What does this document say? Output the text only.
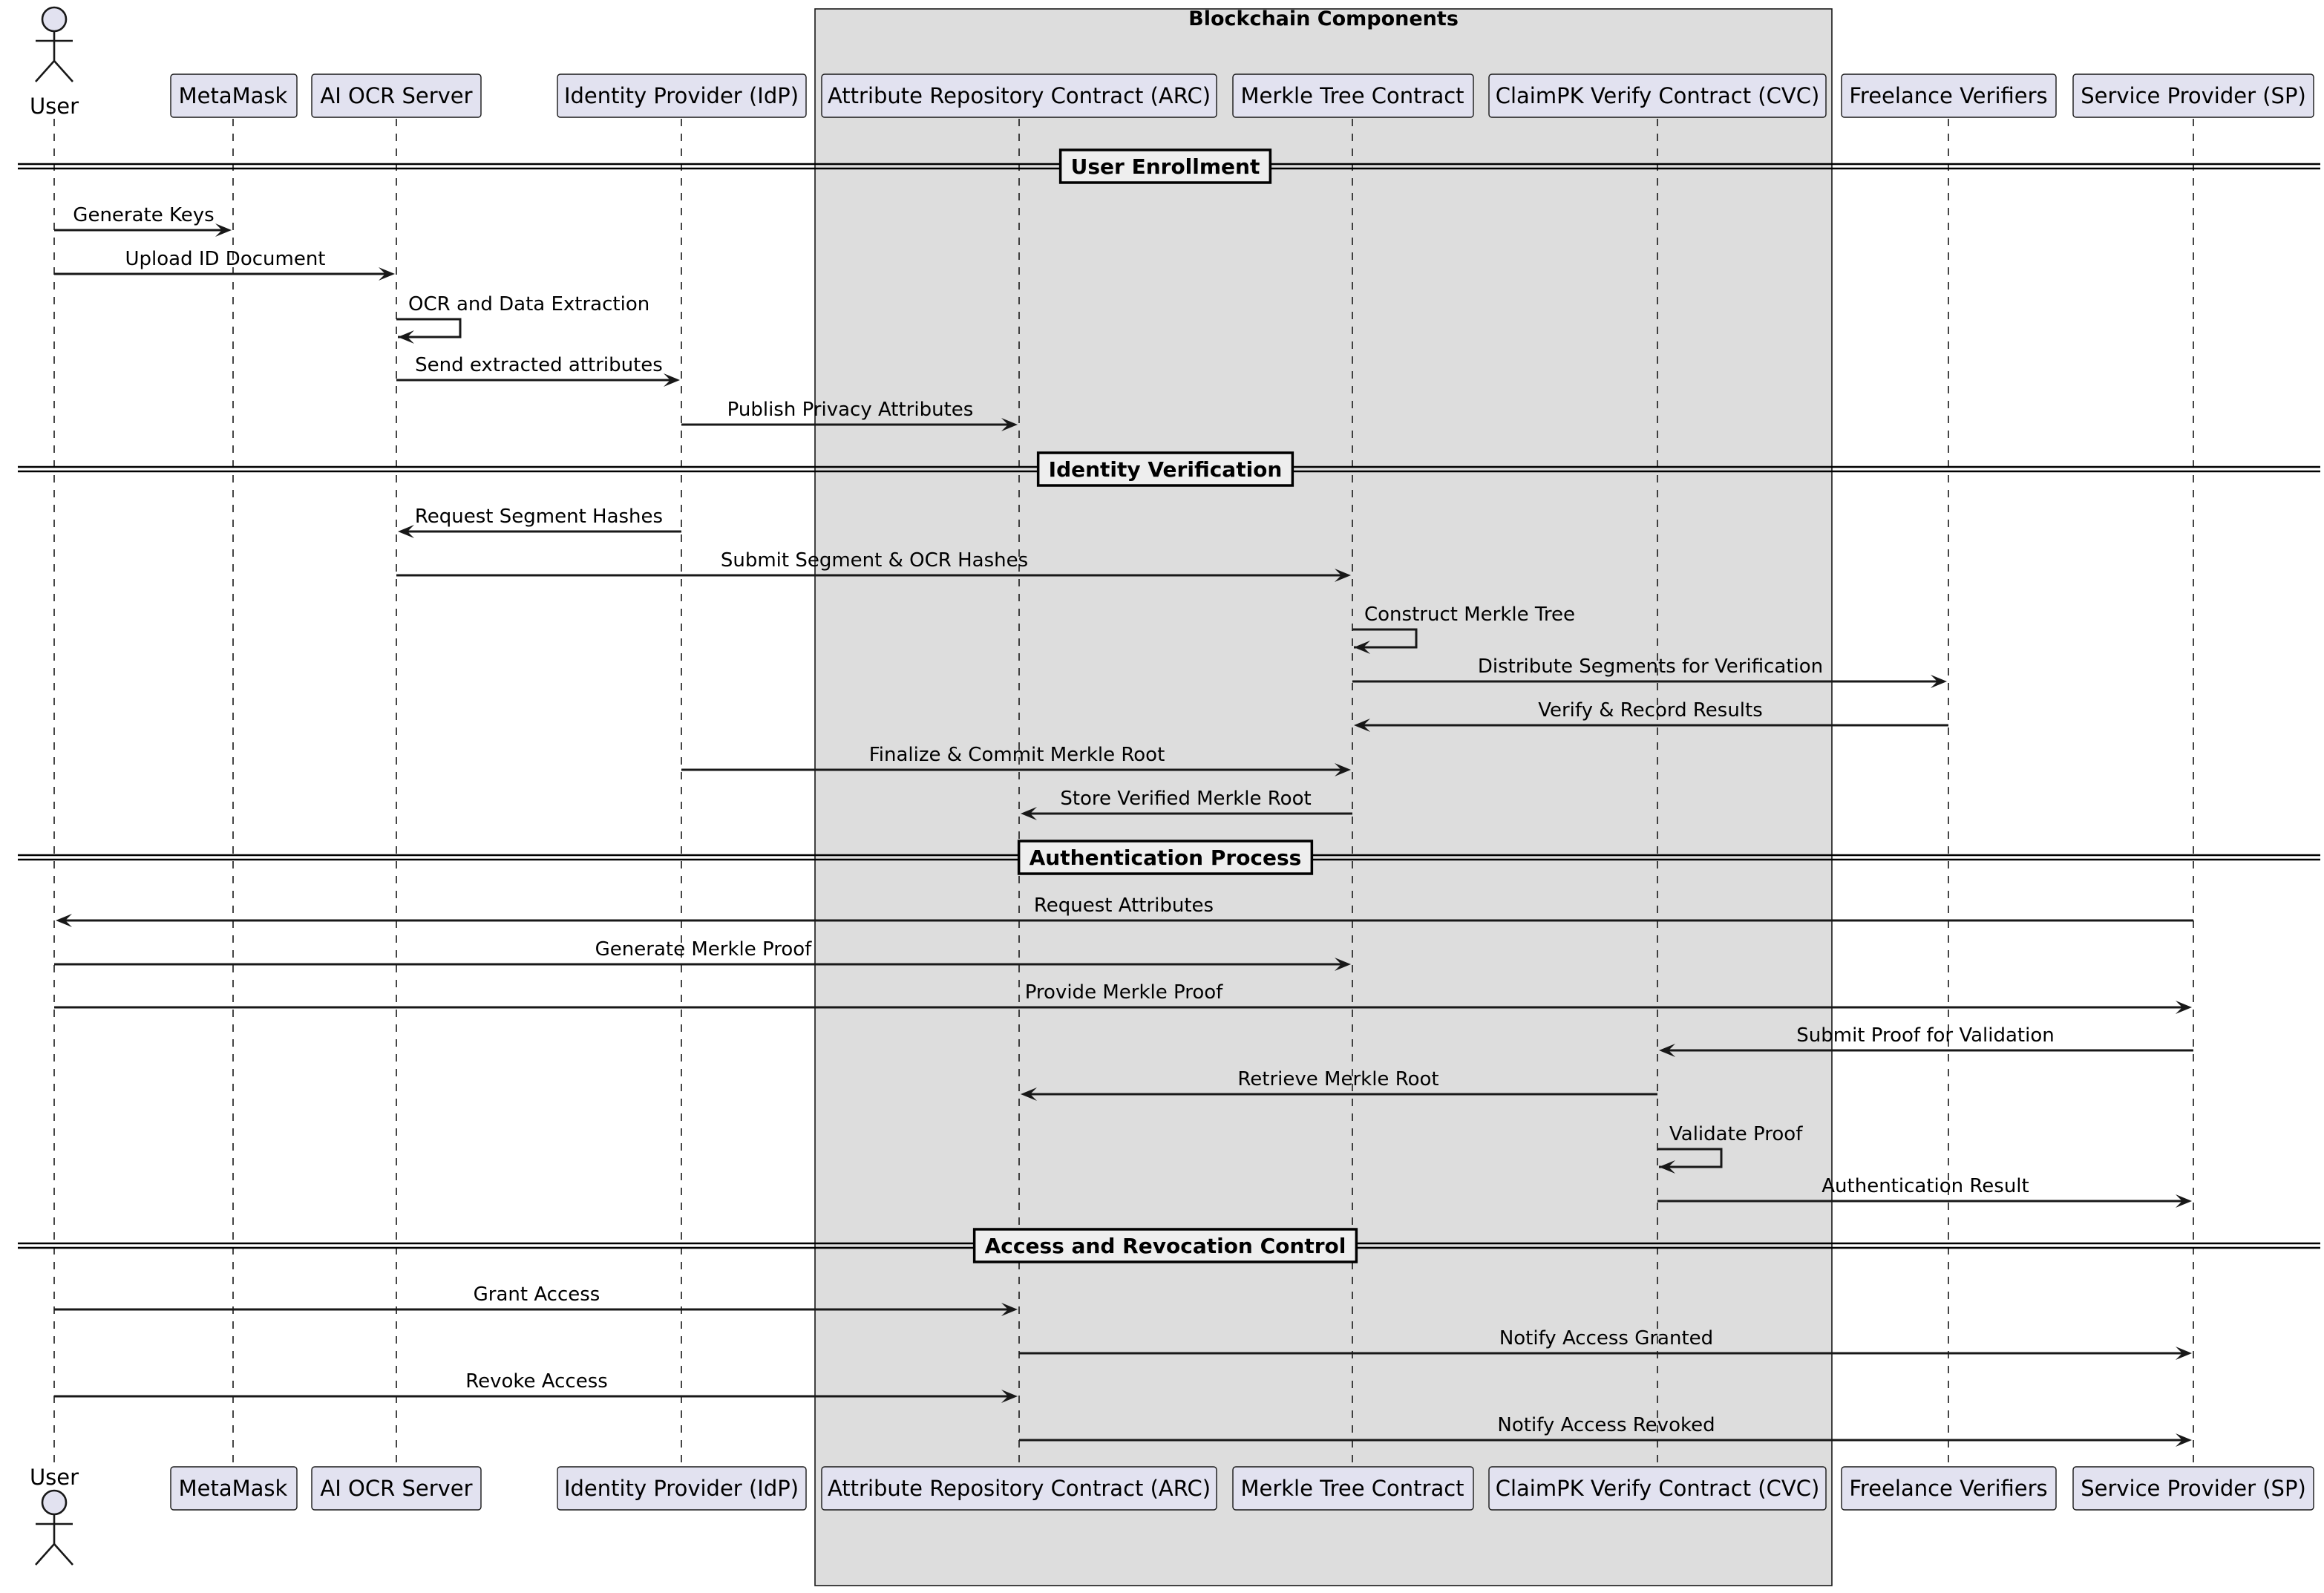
Blockchain Components
User Enrollment
Identity Verification
Authentication Process
Access and Revocation Control
Generate Keys
Upload ID Document
OCR and Data Extraction
Send extracted attributes
Publish Privacy Attributes
Request Segment Hashes
Submit Segment & OCR Hashes
Construct Merkle Tree
Distribute Segments for Verification
Verify & Record Results
Finalize & Commit Merkle Root
Store Verified Merkle Root
Request Attributes
Generate Merkle Proof
Provide Merkle Proof
Submit Proof for Validation
Retrieve Merkle Root
Validate Proof
Authentication Result
Grant Access
Notify Access Granted
Revoke Access
Notify Access Revoked
User
User
MetaMask
MetaMask
AI OCR Server
AI OCR Server
Identity Provider (IdP)
Identity Provider (IdP)
Attribute Repository Contract (ARC)
Attribute Repository Contract (ARC)
Merkle Tree Contract
Merkle Tree Contract
ClaimPK Verify Contract (CVC)
ClaimPK Verify Contract (CVC)
Freelance Verifiers
Freelance Verifiers
Service Provider (SP)
Service Provider (SP)
